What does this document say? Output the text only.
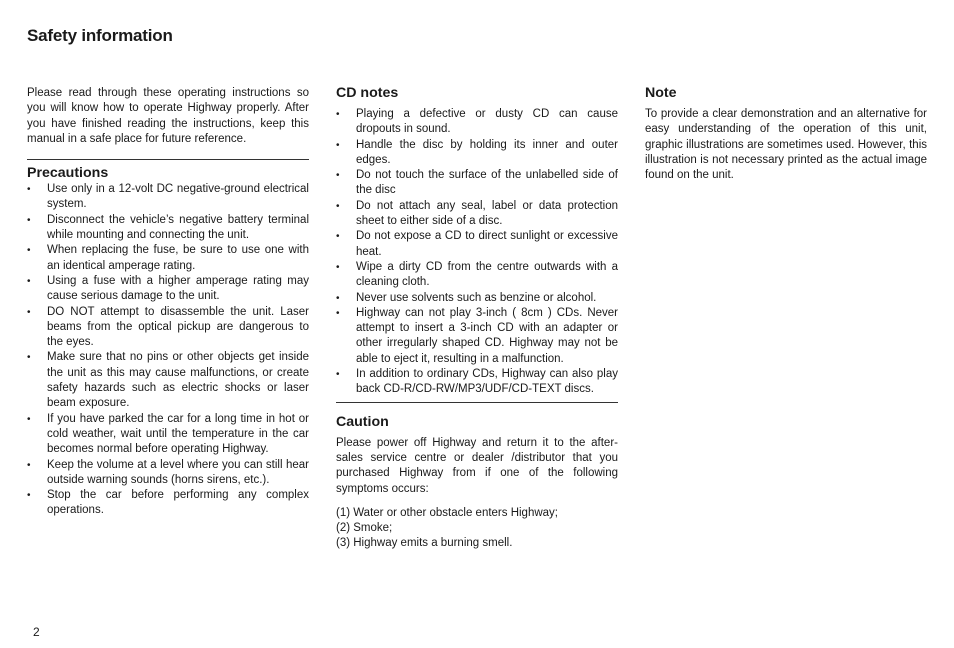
Safety information

Please read through these operating instructions so you will know how to operate Highway properly. After you have finished reading the instructions, keep this manual in a safe place for future reference.

Precautions
•	Use only in a 12-volt DC negative-ground electrical system.
•	Disconnect the vehicle’s negative battery terminal while mounting and connecting the unit.
•	When replacing the fuse, be sure to use one with an identical amperage rating.
•	Using a fuse with a higher amperage rating may cause serious damage to the unit.
•	DO NOT attempt to disassemble the unit. Laser beams from the optical pickup are dangerous to the eyes.
•	Make sure that no pins or other objects get inside the unit as this may cause malfunctions, or create safety hazards such as electric shocks or laser beam exposure.
•	If you have parked the car for a long time in hot or cold weather, wait until the temperature in the car becomes normal before operating Highway.
•	Keep the volume at a level where you can still hear outside warning sounds (horns sirens, etc.).
•	Stop the car before performing any complex operations.
CD notes
•	Playing a defective or dusty CD can cause dropouts in sound.
•	Handle the disc by holding its inner and outer edges.
•	Do not touch the surface of the unlabelled side of the disc
•	Do not attach any seal, label or data protection sheet to either side of a disc.
•	Do not expose a CD to direct sunlight or excessive heat.
•	Wipe a dirty CD from the centre outwards with a cleaning cloth.
•	Never use solvents such as benzine or alcohol.
•	Highway can not play 3-inch ( 8cm ) CDs. Never attempt to insert a 3-inch CD with an adapter or other irregularly shaped CD. Highway may not be able to eject it, resulting in a malfunction.
•	In addition to ordinary CDs, Highway can also play back CD-R/CD-RW/MP3/UDF/CD-TEXT discs.
Caution

Please power off Highway and return it to the after-sales service centre or dealer /distributor that you purchased Highway from if one of the following symptoms occurs:

(1) Water or other obstacle enters Highway;

(2) Smoke;

(3) Highway emits a burning smell.

Note

To provide a clear demonstration and an alternative for easy understanding of the operation of this unit, graphic illustrations are sometimes used. However, this illustration is not necessary printed as the actual image found on the unit.

2
